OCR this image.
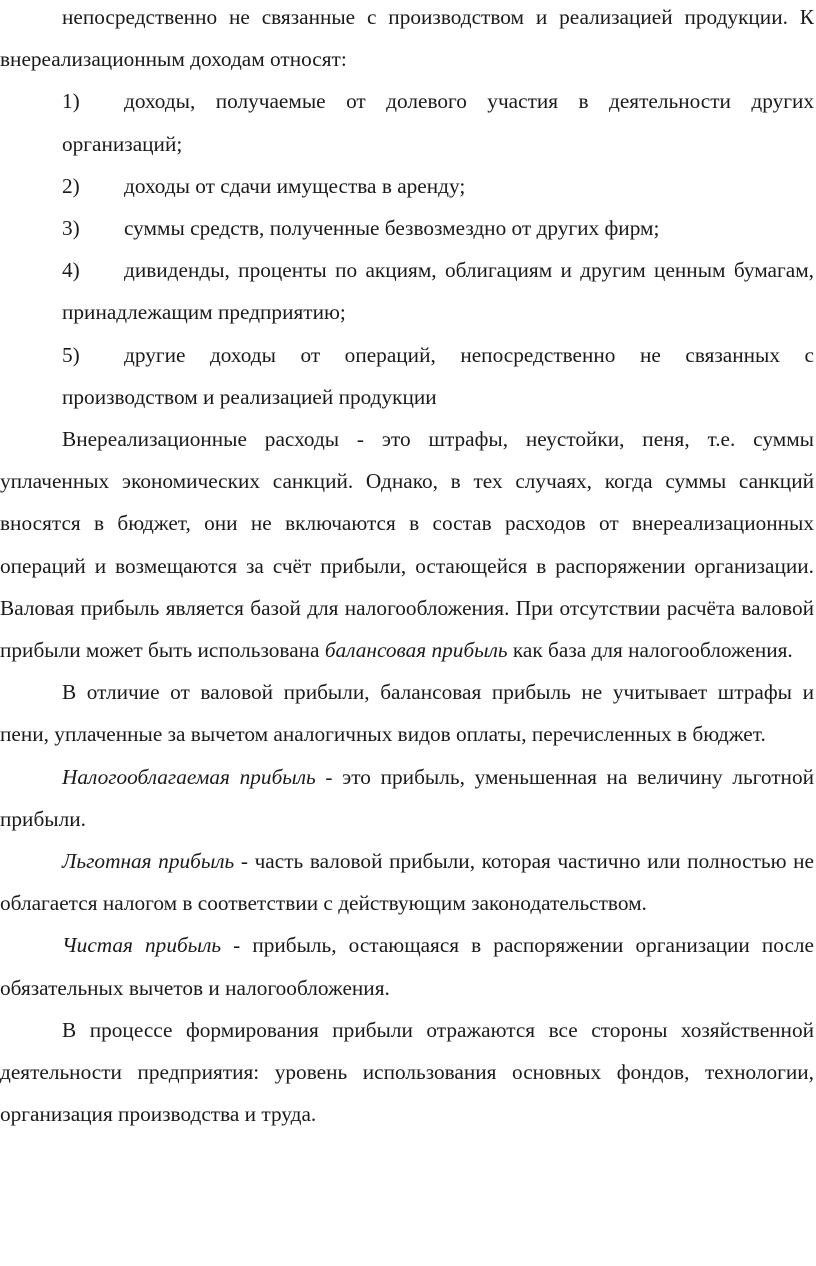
непосредственно не связанные с производством и реализацией продукции. К внереализационным доходам относят:

1) доходы, получаемые от долевого участия в деятельности других организаций;

2) доходы от сдачи имущества в аренду;

3) суммы средств, полученные безвозмездно от других фирм;

4) дивиденды, проценты по акциям, облигациям и другим ценным бумагам, принадлежащим предприятию;

5) другие доходы от операций, непосредственно не связанных с производством и реализацией продукции

Внереализационные расходы - это штрафы, неустойки, пеня, т.е. суммы уплаченных экономических санкций. Однако, в тех случаях, когда суммы санкций вносятся в бюджет, они не включаются в состав расходов от внереализационных операций и возмещаются за счёт прибыли, остающейся в распоряжении организации. Валовая прибыль является базой для налогообложения. При отсутствии расчёта валовой прибыли может быть использована балансовая прибыль как база для налогообложения.

В отличие от валовой прибыли, балансовая прибыль не учитывает штрафы и пени, уплаченные за вычетом аналогичных видов оплаты, перечисленных в бюджет.

Налогооблагаемая прибыль - это прибыль, уменьшенная на величину льготной прибыли.

Льготная прибыль - часть валовой прибыли, которая частично или полностью не облагается налогом в соответствии с действующим законодательством.

Чистая прибыль - прибыль, остающаяся в распоряжении организации после обязательных вычетов и налогообложения.

В процессе формирования прибыли отражаются все стороны хозяйственной деятельности предприятия: уровень использования основных фондов, технологии, организация производства и труда.
